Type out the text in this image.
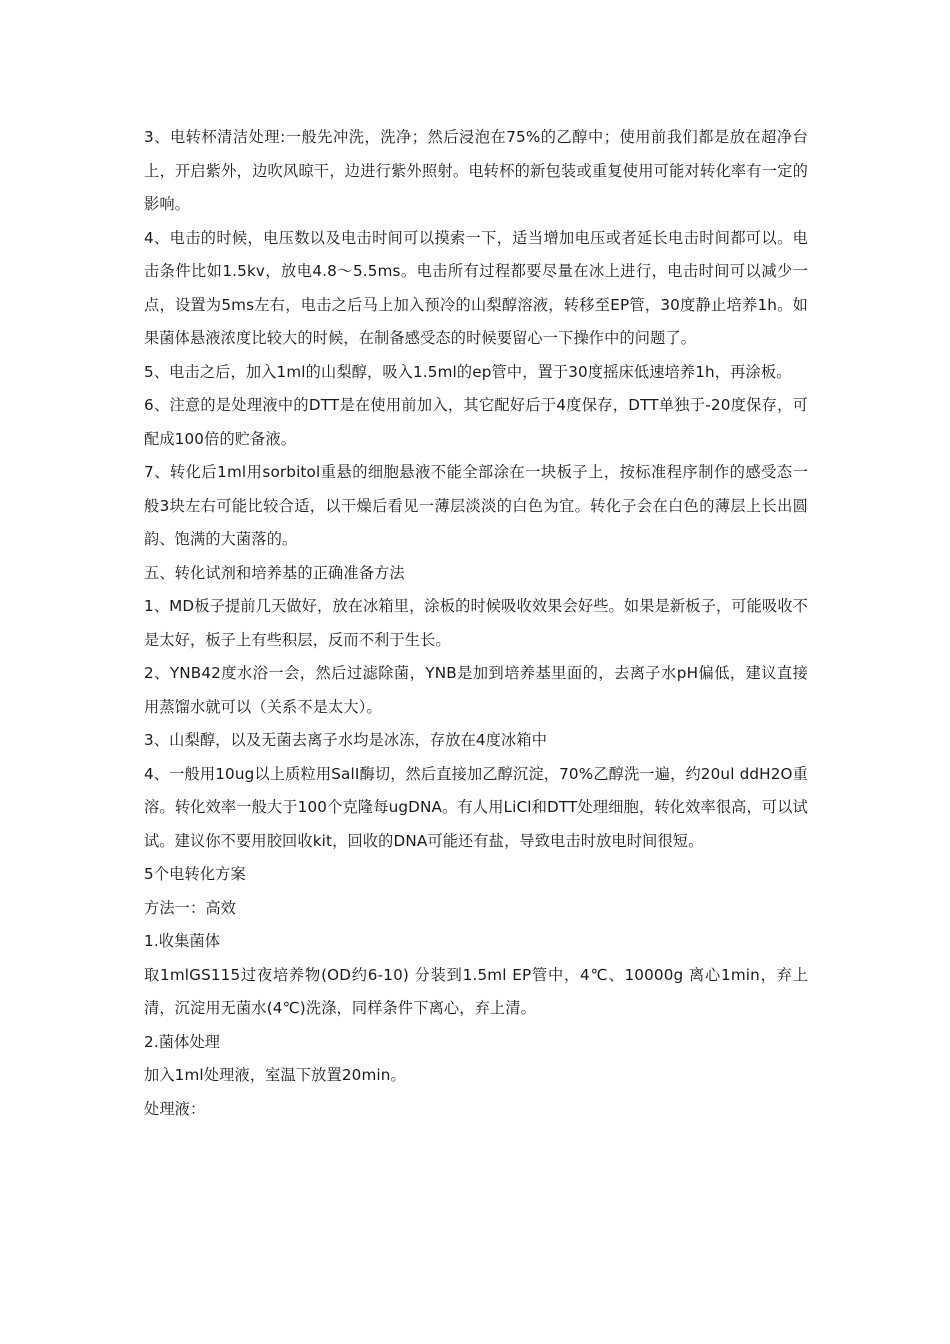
3、电转杯清洁处理:一般先冲洗，洗净；然后浸泡在75%的乙醇中；使用前我们都是放在超净台上，开启紫外，边吹风晾干，边进行紫外照射。电转杯的新包装或重复使用可能对转化率有一定的影响。

4、电击的时候，电压数以及电击时间可以摸索一下，适当增加电压或者延长电击时间都可以。电击条件比如1.5kv，放电4.8～5.5ms。电击所有过程都要尽量在冰上进行，电击时间可以减少一点，设置为5ms左右，电击之后马上加入预冷的山梨醇溶液，转移至EP管，30度静止培养1h。如果菌体悬液浓度比较大的时候，在制备感受态的时候要留心一下操作中的问题了。

5、电击之后，加入1ml的山梨醇，吸入1.5ml的ep管中，置于30度摇床低速培养1h，再涂板。

6、注意的是处理液中的DTT是在使用前加入，其它配好后于4度保存，DTT单独于-20度保存，可配成100倍的贮备液。

7、转化后1ml用sorbitol重悬的细胞悬液不能全部涂在一块板子上，按标准程序制作的感受态一般3块左右可能比较合适，以干燥后看见一薄层淡淡的白色为宜。转化子会在白色的薄层上长出圆韵、饱满的大菌落的。

五、转化试剂和培养基的正确准备方法

1、MD板子提前几天做好，放在冰箱里，涂板的时候吸收效果会好些。如果是新板子，可能吸收不是太好，板子上有些积层，反而不利于生长。

2、YNB42度水浴一会，然后过滤除菌，YNB是加到培养基里面的，去离子水pH偏低，建议直接用蒸馏水就可以（关系不是太大）。

3、山梨醇，以及无菌去离子水均是冰冻，存放在4度冰箱中

4、一般用10ug以上质粒用SalI酶切，然后直接加乙醇沉淀，70%乙醇洗一遍，约20ul ddH2O重溶。转化效率一般大于100个克隆每ugDNA。有人用LiCl和DTT处理细胞，转化效率很高，可以试试。建议你不要用胶回收kit，回收的DNA可能还有盐，导致电击时放电时间很短。

5个电转化方案

方法一：高效

1.收集菌体

取1mlGS115过夜培养物(OD约6-10) 分装到1.5ml EP管中，4℃、10000g 离心1min，弃上清，沉淀用无菌水(4℃)洗涤，同样条件下离心，弃上清。

2.菌体处理

加入1ml处理液，室温下放置20min。

处理液：
